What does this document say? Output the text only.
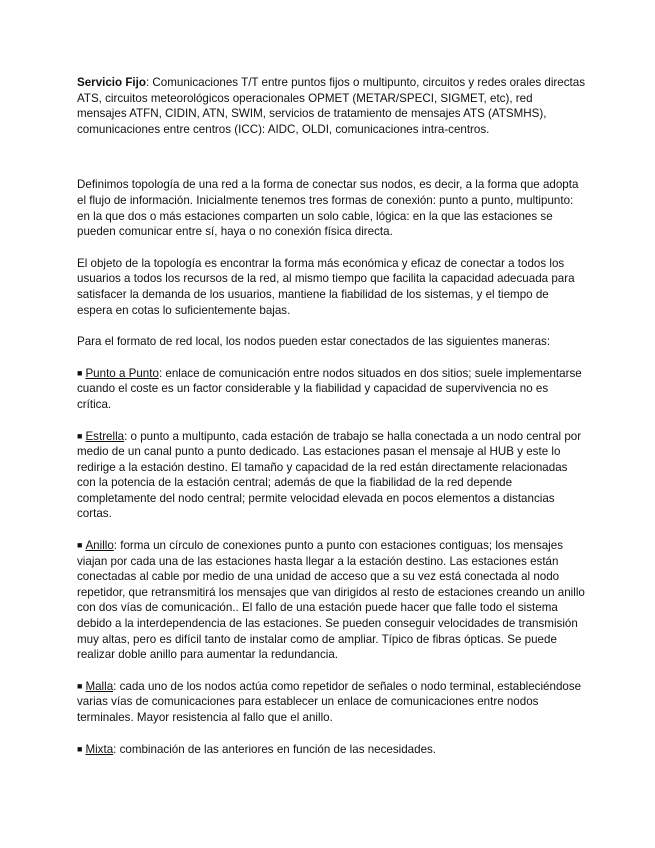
Servicio Fijo: Comunicaciones T/T entre puntos fijos o multipunto, circuitos y redes orales directas ATS, circuitos meteorológicos operacionales OPMET (METAR/SPECI, SIGMET, etc), red mensajes ATFN, CIDIN, ATN, SWIM, servicios de tratamiento de mensajes ATS (ATSMHS), comunicaciones entre centros (ICC): AIDC, OLDI, comunicaciones intra-centros.

Definimos topología de una red a la forma de conectar sus nodos, es decir, a la forma que adopta el flujo de información. Inicialmente tenemos tres formas de conexión: punto a punto, multipunto: en la que dos o más estaciones comparten un solo cable, lógica: en la que las estaciones se pueden comunicar entre sí, haya o no conexión física directa.

El objeto de la topología es encontrar la forma más económica y eficaz de conectar a todos los usuarios a todos los recursos de la red, al mismo tiempo que facilita la capacidad adecuada para satisfacer la demanda de los usuarios, mantiene la fiabilidad de los sistemas, y el tiempo de espera en cotas lo suficientemente bajas.

Para el formato de red local, los nodos pueden estar conectados de las siguientes maneras:

■ Punto a Punto: enlace de comunicación entre nodos situados en dos sitios; suele implementarse cuando el coste es un factor considerable y la fiabilidad y capacidad de supervivencia no es crítica.

■ Estrella: o punto a multipunto, cada estación de trabajo se halla conectada a un nodo central por medio de un canal punto a punto dedicado. Las estaciones pasan el mensaje al HUB y este lo redirige a la estación destino. El tamaño y capacidad de la red están directamente relacionadas con la potencia de la estación central; además de que la fiabilidad de la red depende completamente del nodo central; permite velocidad elevada en pocos elementos a distancias cortas.

■ Anillo: forma un círculo de conexiones punto a punto con estaciones contiguas; los mensajes viajan por cada una de las estaciones hasta llegar a la estación destino. Las estaciones están conectadas al cable por medio de una unidad de acceso que a su vez está conectada al nodo repetidor, que retransmitirá los mensajes que van dirigidos al resto de estaciones creando un anillo con dos vías de comunicación.. El fallo de una estación puede hacer que falle todo el sistema debido a la interdependencia de las estaciones. Se pueden conseguir velocidades de transmisión muy altas, pero es difícil tanto de instalar como de ampliar. Típico de fibras ópticas. Se puede realizar doble anillo para aumentar la redundancia.

■ Malla: cada uno de los nodos actúa como repetidor de señales o nodo terminal, estableciéndose varias vías de comunicaciones para establecer un enlace de comunicaciones entre nodos terminales. Mayor resistencia al fallo que el anillo.

■ Mixta: combinación de las anteriores en función de las necesidades.
